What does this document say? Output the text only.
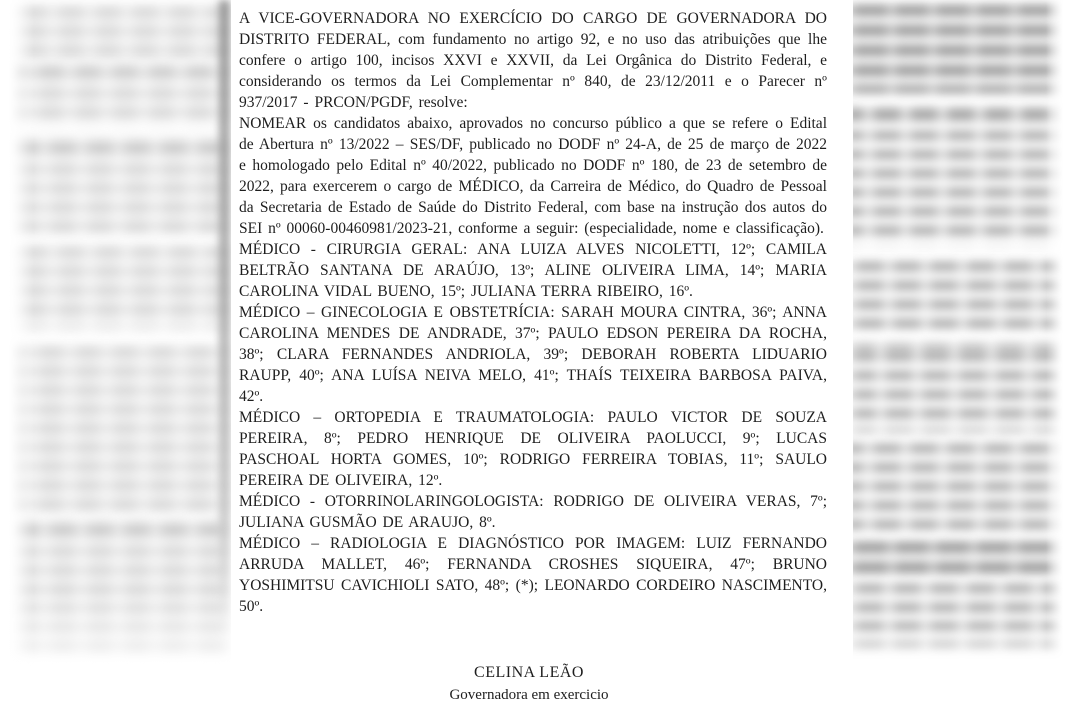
A VICE-GOVERNADORA NO EXERCÍCIO DO CARGO DE GOVERNADORA DO DISTRITO FEDERAL, com fundamento no artigo 92, e no uso das atribuições que lhe confere o artigo 100, incisos XXVI e XXVII, da Lei Orgânica do Distrito Federal, e considerando os termos da Lei Complementar nº 840, de 23/12/2011 e o Parecer nº 937/2017 - PRCON/PGDF, resolve:

NOMEAR os candidatos abaixo, aprovados no concurso público a que se refere o Edital de Abertura nº 13/2022 – SES/DF, publicado no DODF nº 24-A, de 25 de março de 2022 e homologado pelo Edital nº 40/2022, publicado no DODF nº 180, de 23 de setembro de 2022, para exercerem o cargo de MÉDICO, da Carreira de Médico, do Quadro de Pessoal da Secretaria de Estado de Saúde do Distrito Federal, com base na instrução dos autos do SEI nº 00060-00460981/2023-21, conforme a seguir: (especialidade, nome e classificação).

MÉDICO - CIRURGIA GERAL: ANA LUIZA ALVES NICOLETTI, 12º; CAMILA BELTRÃO SANTANA DE ARAÚJO, 13º; ALINE OLIVEIRA LIMA, 14º; MARIA CAROLINA VIDAL BUENO, 15º; JULIANA TERRA RIBEIRO, 16º.

MÉDICO – GINECOLOGIA E OBSTETRÍCIA: SARAH MOURA CINTRA, 36º; ANNA CAROLINA MENDES DE ANDRADE, 37º; PAULO EDSON PEREIRA DA ROCHA, 38º; CLARA FERNANDES ANDRIOLA, 39º; DEBORAH ROBERTA LIDUARIO RAUPP, 40º; ANA LUÍSA NEIVA MELO, 41º; THAÍS TEIXEIRA BARBOSA PAIVA, 42º.

MÉDICO – ORTOPEDIA E TRAUMATOLOGIA: PAULO VICTOR DE SOUZA PEREIRA, 8º; PEDRO HENRIQUE DE OLIVEIRA PAOLUCCI, 9º; LUCAS PASCHOAL HORTA GOMES, 10º; RODRIGO FERREIRA TOBIAS, 11º; SAULO PEREIRA DE OLIVEIRA, 12º.

MÉDICO - OTORRINOLARINGOLOGISTA: RODRIGO DE OLIVEIRA VERAS, 7º; JULIANA GUSMÃO DE ARAUJO, 8º.

MÉDICO – RADIOLOGIA E DIAGNÓSTICO POR IMAGEM: LUIZ FERNANDO ARRUDA MALLET, 46º; FERNANDA CROSHES SIQUEIRA, 47º; BRUNO YOSHIMITSU CAVICHIOLI SATO, 48º; (*); LEONARDO CORDEIRO NASCIMENTO, 50º.

CELINA LEÃO
Governadora em exercicio
